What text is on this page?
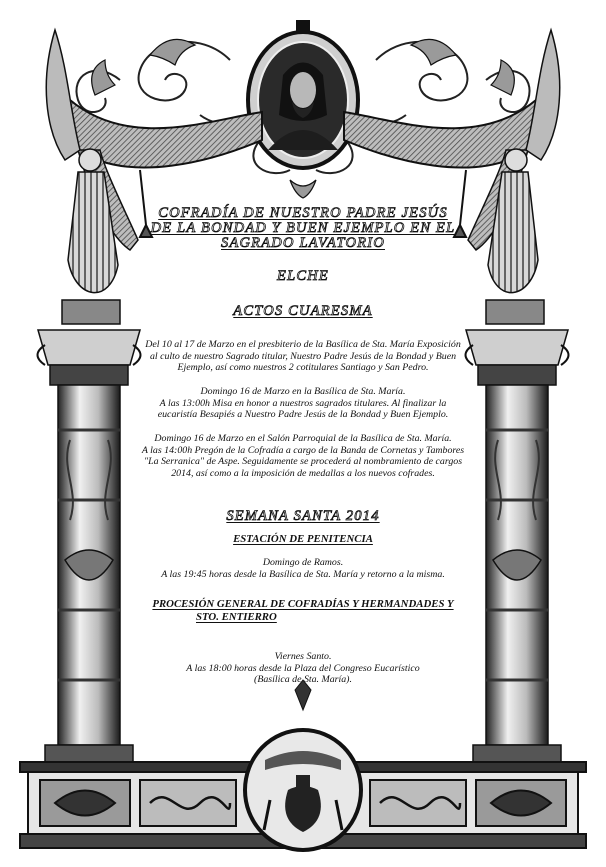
COFRADÍA DE NUESTRO PADRE JESÚS
DE LA BONDAD Y BUEN EJEMPLO EN EL
SAGRADO LAVATORIO
ELCHE
ACTOS CUARESMA

Del 10 al 17 de Marzo en el presbiterio de la Basílica de Sta. María Exposición

al culto de nuestro Sagrado titular, Nuestro Padre Jesús de la Bondad y Buen

Ejemplo, así como nuestros 2 cotitulares Santiago y San Pedro.

Domingo 16 de Marzo en la Basílica de Sta. María.

A las 13:00h Misa en honor a nuestros sagrados titulares. Al finalizar la

eucaristía Besapiés a Nuestro Padre Jesús de la Bondad y Buen Ejemplo.

Domingo 16 de Marzo en el Salón Parroquial de la Basílica de Sta. María.

A las 14:00h Pregón de la Cofradía a cargo de la Banda de Cornetas y Tambores

"La Serranica" de Aspe. Seguidamente se procederá al nombramiento de cargos

2014, así como a la imposición de medallas a los nuevos cofrades.

SEMANA SANTA 2014
ESTACIÓN DE PENITENCIA

Domingo de Ramos.

A las 19:45 horas desde la Basílica de Sta. María y retorno a la misma.

PROCESIÓN GENERAL DE COFRADÍAS Y HERMANDADES Y

STO. ENTIERRO

Viernes Santo.

A las 18:00 horas desde la Plaza del Congreso Eucarístico

(Basílica de Sta. María).
